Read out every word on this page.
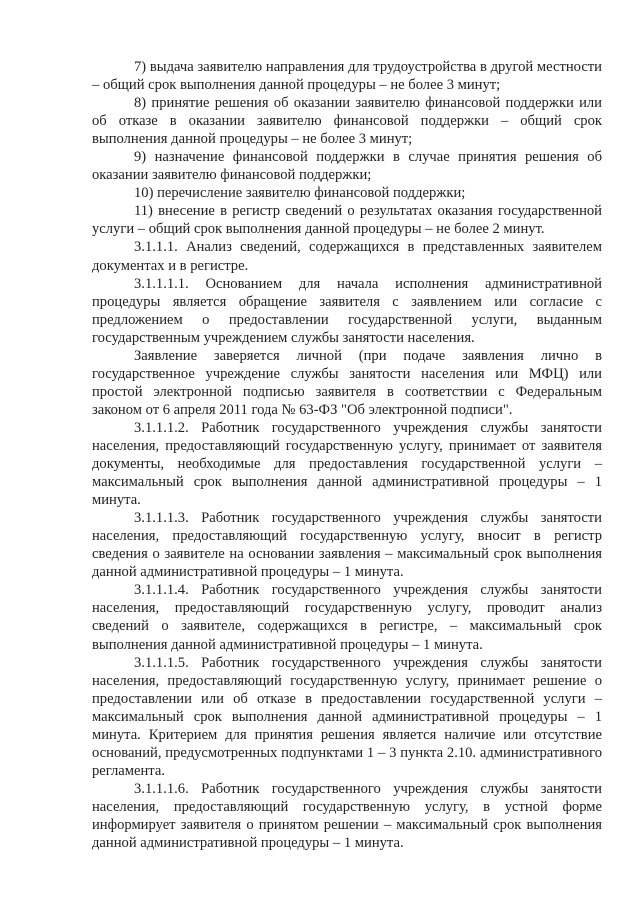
7) выдача заявителю направления для трудоустройства в другой местности – общий срок выполнения данной процедуры – не более 3 минут;

8) принятие решения об оказании заявителю финансовой поддержки или об отказе в оказании заявителю финансовой поддержки – общий срок выполнения данной процедуры – не более 3 минут;

9) назначение финансовой поддержки в случае принятия решения об оказании заявителю финансовой поддержки;

10) перечисление заявителю финансовой поддержки;

11) внесение в регистр сведений о результатах оказания государственной услуги – общий срок выполнения данной процедуры – не более 2 минут.

3.1.1.1. Анализ сведений, содержащихся в представленных заявителем документах и в регистре.

3.1.1.1.1. Основанием для начала исполнения административной процедуры является обращение заявителя с заявлением или согласие с предложением о предоставлении государственной услуги, выданным государственным учреждением службы занятости населения.

Заявление заверяется личной (при подаче заявления лично в государственное учреждение службы занятости населения или МФЦ) или простой электронной подписью заявителя в соответствии с Федеральным законом от 6 апреля 2011 года № 63-ФЗ "Об электронной подписи".

3.1.1.1.2. Работник государственного учреждения службы занятости населения, предоставляющий государственную услугу, принимает от заявителя документы, необходимые для предоставления государственной услуги – максимальный срок выполнения данной административной процедуры – 1 минута.

3.1.1.1.3. Работник государственного учреждения службы занятости населения, предоставляющий государственную услугу, вносит в регистр сведения о заявителе на основании заявления – максимальный срок выполнения данной административной процедуры – 1 минута.

3.1.1.1.4. Работник государственного учреждения службы занятости населения, предоставляющий государственную услугу, проводит анализ сведений о заявителе, содержащихся в регистре, – максимальный срок выполнения данной административной процедуры – 1 минута.

3.1.1.1.5. Работник государственного учреждения службы занятости населения, предоставляющий государственную услугу, принимает решение о предоставлении или об отказе в предоставлении государственной услуги – максимальный срок выполнения данной административной процедуры – 1 минута. Критерием для принятия решения является наличие или отсутствие оснований, предусмотренных подпунктами 1 – 3 пункта 2.10. административного регламента.

3.1.1.1.6. Работник государственного учреждения службы занятости населения, предоставляющий государственную услугу, в устной форме информирует заявителя о принятом решении – максимальный срок выполнения данной административной процедуры – 1 минута.
